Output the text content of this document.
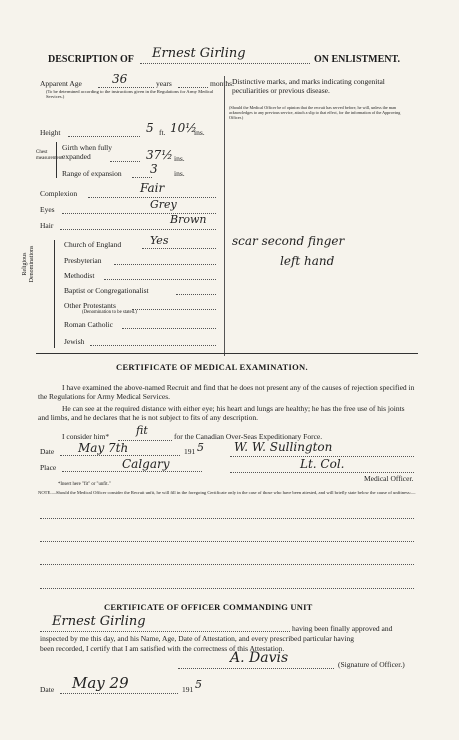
DESCRIPTION OF Ernest Girling	ON ENLISTMENT.
Apparent Age	36	years	months.
(To be determined according to the instructions given in the Regulations for Army Medical Services.)
Distinctive marks, and marks indicating congenital peculiarities or previous disease.
(Should the Medical Officer be of opinion that the recruit has served before, he will, unless the man acknowledges to any previous service, attach a slip to that effect, for the information of the Approving Officer.)
scar second finger
left hand
Height	5 ft. 10½
ins.
Chest measurement
Girth when fully expanded	37½ ins.
Range of expansion 3 ins.
Complexion	Fair
Eyes	Grey
Hair	Brown
Religious Denominations
Church of England	Yes
Presbyterian
Methodist
Baptist or Congregationalist
Other Protestants
(Denomination to be stated.)
Roman Catholic
Jewish
CERTIFICATE OF MEDICAL EXAMINATION.
I have examined the above-named Recruit and find that he does not present any of the causes of rejection specified in the Regulations for Army Medical Services.
He can see at the required distance with either eye; his heart and lungs are healthy; he has the free use of his joints and limbs, and he declares that he is not subject to fits of any description.
I consider him* fit	for the Canadian Over-Seas Expeditionary Force.
Date May 7th	191 5	W. W. Sullington
Place	Calgary	Lt. Col.
Medical Officer.
*Insert here "fit" or "unfit."
NOTE.—Should the Medical Officer consider the Recruit unfit, he will fill in the foregoing Certificate only in the case of those who have been attested, and will briefly state below the cause of unfitness:—
CERTIFICATE OF OFFICER COMMANDING UNIT
Ernest Girling	having been finally approved and
inspected by me this day, and his Name, Age, Date of Attestation, and every prescribed particular having
been recorded, I certify that I am satisfied with the correctness of this Attestation.
A. Davis	(Signature of Officer.)
Date May 29	191 5
